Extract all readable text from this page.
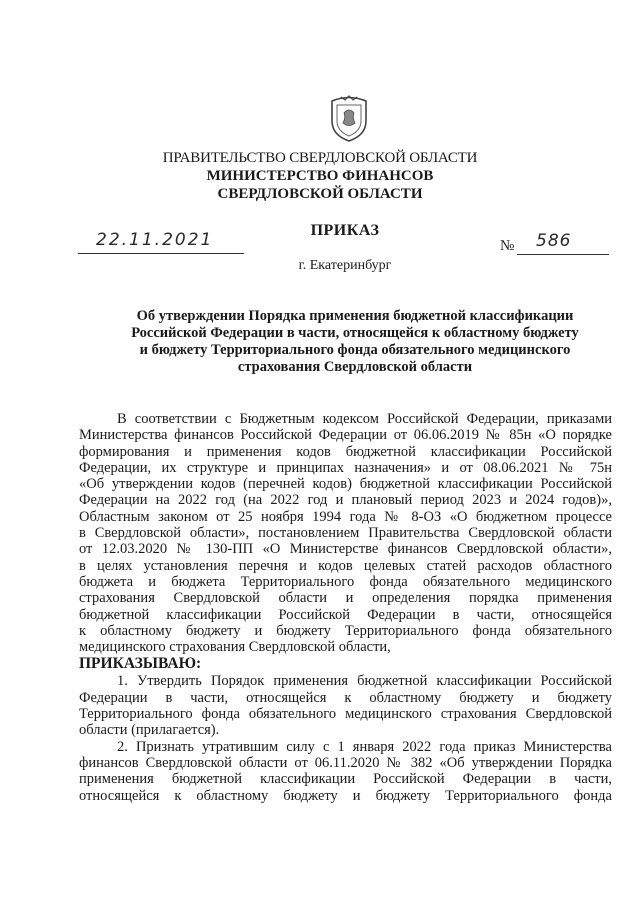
ПРАВИТЕЛЬСТВО СВЕРДЛОВСКОЙ ОБЛАСТИ
МИНИСТЕРСТВО ФИНАНСОВ
СВЕРДЛОВСКОЙ ОБЛАСТИ
ПРИКАЗ
22.11.2021	№ 586
г. Екатеринбург
Об утверждении Порядка применения бюджетной классификации
Российской Федерации в части, относящейся к областному бюджету
и бюджету Территориального фонда обязательного медицинского
страхования Свердловской области
В соответствии с Бюджетным кодексом Российской Федерации, приказами
Министерства финансов Российской Федерации от 06.06.2019 № 85н «О порядке
формирования и применения кодов бюджетной классификации Российской
Федерации, их структуре и принципах назначения» и от 08.06.2021 № 75н
«Об утверждении кодов (перечней кодов) бюджетной классификации Российской
Федерации на 2022 год (на 2022 год и плановый период 2023 и 2024 годов)»,
Областным законом от 25 ноября 1994 года № 8-ОЗ «О бюджетном процессе
в Свердловской области», постановлением Правительства Свердловской области
от 12.03.2020 № 130-ПП «О Министерстве финансов Свердловской области»,
в целях установления перечня и кодов целевых статей расходов областного
бюджета и бюджета Территориального фонда обязательного медицинского
страхования Свердловской области и определения порядка применения
бюджетной классификации Российской Федерации в части, относящейся
к областному бюджету и бюджету Территориального фонда обязательного
медицинского страхования Свердловской области,
ПРИКАЗЫВАЮ:
1. Утвердить Порядок применения бюджетной классификации Российской
Федерации в части, относящейся к областному бюджету и бюджету
Территориального фонда обязательного медицинского страхования Свердловской
области (прилагается).
2. Признать утратившим силу с 1 января 2022 года приказ Министерства
финансов Свердловской области от 06.11.2020 № 382 «Об утверждении Порядка
применения бюджетной классификации Российской Федерации в части,
относящейся к областному бюджету и бюджету Территориального фонда
